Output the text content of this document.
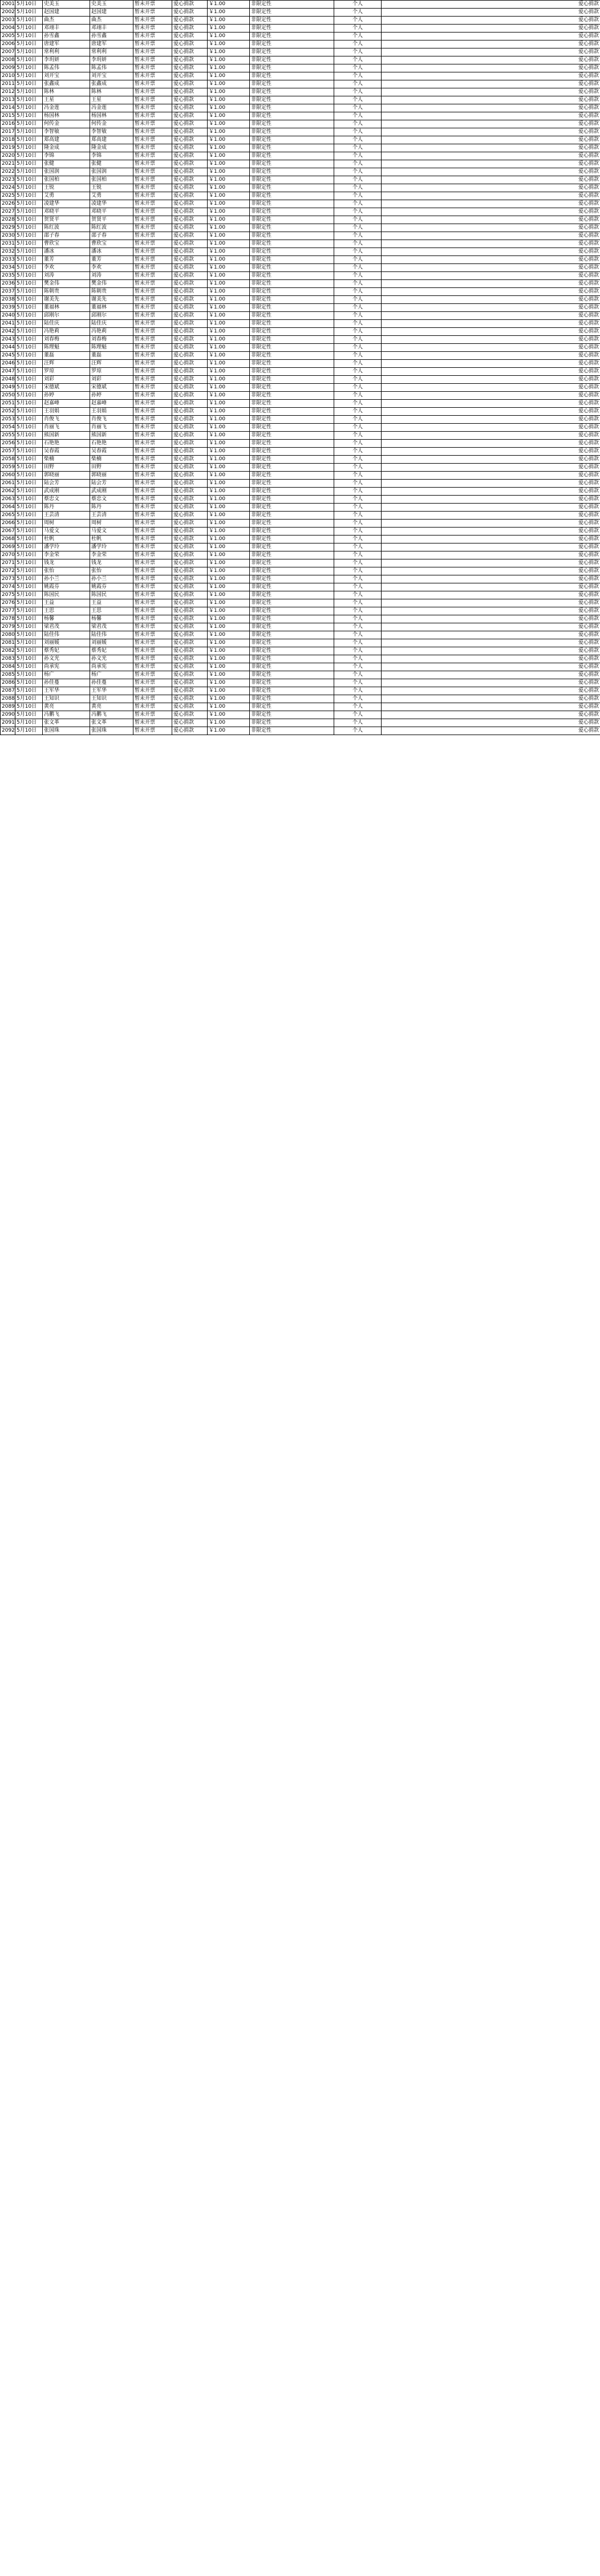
2001	5月10日	史美玉	史美玉	暂未开票	爱心捐款	￥1.00	非限定性	个人	爱心捐款
2002	5月10日	赵国建	赵国建	暂未开票	爱心捐款	￥1.00	非限定性	个人	爱心捐款
2003	5月10日	曲杰	曲杰	暂未开票	爱心捐款	￥1.00	非限定性	个人	爱心捐款
2004	5月10日	邓翊丰	邓翊丰	暂未开票	爱心捐款	￥1.00	非限定性	个人	爱心捐款
2005	5月10日	孙雪鑫	孙雪鑫	暂未开票	爱心捐款	￥1.00	非限定性	个人	爱心捐款
2006	5月10日	唐建军	唐建军	暂未开票	爱心捐款	￥1.00	非限定性	个人	爱心捐款
2007	5月10日	常利利	常利利	暂未开票	爱心捐款	￥1.00	非限定性	个人	爱心捐款
2008	5月10日	李玥妍	李玥妍	暂未开票	爱心捐款	￥1.00	非限定性	个人	爱心捐款
2009	5月10日	陈孟伟	陈孟伟	暂未开票	爱心捐款	￥1.00	非限定性	个人	爱心捐款
2010	5月10日	刘开宝	刘开宝	暂未开票	爱心捐款	￥1.00	非限定性	个人	爱心捐款
2011	5月10日	张鑫成	张鑫成	暂未开票	爱心捐款	￥1.00	非限定性	个人	爱心捐款
2012	5月10日	陈林	陈林	暂未开票	爱心捐款	￥1.00	非限定性	个人	爱心捐款
2013	5月10日	王星	王星	暂未开票	爱心捐款	￥1.00	非限定性	个人	爱心捐款
2014	5月10日	冯金莲	冯金莲	暂未开票	爱心捐款	￥1.00	非限定性	个人	爱心捐款
2015	5月10日	杨国林	杨国林	暂未开票	爱心捐款	￥1.00	非限定性	个人	爱心捐款
2016	5月10日	何传金	何传金	暂未开票	爱心捐款	￥1.00	非限定性	个人	爱心捐款
2017	5月10日	李智敏	李智敏	暂未开票	爱心捐款	￥1.00	非限定性	个人	爱心捐款
2018	5月10日	郑高建	郑高建	暂未开票	爱心捐款	￥1.00	非限定性	个人	爱心捐款
2019	5月10日	隆金成	隆金成	暂未开票	爱心捐款	￥1.00	非限定性	个人	爱心捐款
2020	5月10日	李锦	李锦	暂未开票	爱心捐款	￥1.00	非限定性	个人	爱心捐款
2021	5月10日	张健	张健	暂未开票	爱心捐款	￥1.00	非限定性	个人	爱心捐款
2022	5月10日	张国润	张国润	暂未开票	爱心捐款	￥1.00	非限定性	个人	爱心捐款
2023	5月10日	张国柏	张国柏	暂未开票	爱心捐款	￥1.00	非限定性	个人	爱心捐款
2024	5月10日	王锐	王锐	暂未开票	爱心捐款	￥1.00	非限定性	个人	爱心捐款
2025	5月10日	艾勇	艾勇	暂未开票	爱心捐款	￥1.00	非限定性	个人	爱心捐款
2026	5月10日	凌建华	凌建华	暂未开票	爱心捐款	￥1.00	非限定性	个人	爱心捐款
2027	5月10日	邓晓平	邓晓平	暂未开票	爱心捐款	￥1.00	非限定性	个人	爱心捐款
2028	5月10日	贺贤平	贺贤平	暂未开票	爱心捐款	￥1.00	非限定性	个人	爱心捐款
2029	5月10日	陈红波	陈红波	暂未开票	爱心捐款	￥1.00	非限定性	个人	爱心捐款
2030	5月10日	邵子春	邵子春	暂未开票	爱心捐款	￥1.00	非限定性	个人	爱心捐款
2031	5月10日	曹欣宝	曹欣宝	暂未开票	爱心捐款	￥1.00	非限定性	个人	爱心捐款
2032	5月10日	潘冰	潘冰	暂未开票	爱心捐款	￥1.00	非限定性	个人	爱心捐款
2033	5月10日	董芳	董芳	暂未开票	爱心捐款	￥1.00	非限定性	个人	爱心捐款
2034	5月10日	李欢	李欢	暂未开票	爱心捐款	￥1.00	非限定性	个人	爱心捐款
2035	5月10日	刘涛	刘涛	暂未开票	爱心捐款	￥1.00	非限定性	个人	爱心捐款
2036	5月10日	樊金伟	樊金伟	暂未开票	爱心捐款	￥1.00	非限定性	个人	爱心捐款
2037	5月10日	陈朝贵	陈朝贵	暂未开票	爱心捐款	￥1.00	非限定性	个人	爱心捐款
2038	5月10日	谢美先	谢美先	暂未开票	爱心捐款	￥1.00	非限定性	个人	爱心捐款
2039	5月10日	董福林	董福林	暂未开票	爱心捐款	￥1.00	非限定性	个人	爱心捐款
2040	5月10日	邱刚尔	邱刚尔	暂未开票	爱心捐款	￥1.00	非限定性	个人	爱心捐款
2041	5月10日	陆佳庆	陆佳庆	暂未开票	爱心捐款	￥1.00	非限定性	个人	爱心捐款
2042	5月10日	冯艳莉	冯艳莉	暂未开票	爱心捐款	￥1.00	非限定性	个人	爱心捐款
2043	5月10日	刘春梅	刘春梅	暂未开票	爱心捐款	￥1.00	非限定性	个人	爱心捐款
2044	5月10日	陈理魁	陈理魁	暂未开票	爱心捐款	￥1.00	非限定性	个人	爱心捐款
2045	5月10日	董磊	董磊	暂未开票	爱心捐款	￥1.00	非限定性	个人	爱心捐款
2046	5月10日	汪辉	汪辉	暂未开票	爱心捐款	￥1.00	非限定性	个人	爱心捐款
2047	5月10日	罗琼	罗琼	暂未开票	爱心捐款	￥1.00	非限定性	个人	爱心捐款
2048	5月10日	刘彩	刘彩	暂未开票	爱心捐款	￥1.00	非限定性	个人	爱心捐款
2049	5月10日	宋德斌	宋德斌	暂未开票	爱心捐款	￥1.00	非限定性	个人	爱心捐款
2050	5月10日	孙婷	孙婷	暂未开票	爱心捐款	￥1.00	非限定性	个人	爱心捐款
2051	5月10日	赵嘉峰	赵嘉峰	暂未开票	爱心捐款	￥1.00	非限定性	个人	爱心捐款
2052	5月10日	王羽娟	王羽娟	暂未开票	爱心捐款	￥1.00	非限定性	个人	爱心捐款
2053	5月10日	肖俊飞	肖俊飞	暂未开票	爱心捐款	￥1.00	非限定性	个人	爱心捐款
2054	5月10日	肖丽飞	肖丽飞	暂未开票	爱心捐款	￥1.00	非限定性	个人	爱心捐款
2055	5月10日	熊国新	熊国新	暂未开票	爱心捐款	￥1.00	非限定性	个人	爱心捐款
2056	5月10日	石艳艳	石艳艳	暂未开票	爱心捐款	￥1.00	非限定性	个人	爱心捐款
2057	5月10日	吴春霞	吴春霞	暂未开票	爱心捐款	￥1.00	非限定性	个人	爱心捐款
2058	5月10日	柴楠	柴楠	暂未开票	爱心捐款	￥1.00	非限定性	个人	爱心捐款
2059	5月10日	田野	田野	暂未开票	爱心捐款	￥1.00	非限定性	个人	爱心捐款
2060	5月10日	郭晓丽	郭晓丽	暂未开票	爱心捐款	￥1.00	非限定性	个人	爱心捐款
2061	5月10日	陆会芳	陆会芳	暂未开票	爱心捐款	￥1.00	非限定性	个人	爱心捐款
2062	5月10日	武成刚	武成刚	暂未开票	爱心捐款	￥1.00	非限定性	个人	爱心捐款
2063	5月10日	蔡忠文	蔡忠文	暂未开票	爱心捐款	￥1.00	非限定性	个人	爱心捐款
2064	5月10日	陈丹	陈丹	暂未开票	爱心捐款	￥1.00	非限定性	个人	爱心捐款
2065	5月10日	王芸清	王芸清	暂未开票	爱心捐款	￥1.00	非限定性	个人	爱心捐款
2066	5月10日	周树	周树	暂未开票	爱心捐款	￥1.00	非限定性	个人	爱心捐款
2067	5月10日	马爱文	马爱文	暂未开票	爱心捐款	￥1.00	非限定性	个人	爱心捐款
2068	5月10日	杜帆	杜帆	暂未开票	爱心捐款	￥1.00	非限定性	个人	爱心捐款
2069	5月10日	潘学玲	潘学玲	暂未开票	爱心捐款	￥1.00	非限定性	个人	爱心捐款
2070	5月10日	李金荣	李金荣	暂未开票	爱心捐款	￥1.00	非限定性	个人	爱心捐款
2071	5月10日	钱龙	钱龙	暂未开票	爱心捐款	￥1.00	非限定性	个人	爱心捐款
2072	5月10日	张怡	张怡	暂未开票	爱心捐款	￥1.00	非限定性	个人	爱心捐款
2073	5月10日	孙小兰	孙小兰	暂未开票	爱心捐款	￥1.00	非限定性	个人	爱心捐款
2074	5月10日	姚霞芬	姚霞芬	暂未开票	爱心捐款	￥1.00	非限定性	个人	爱心捐款
2075	5月10日	陈国民	陈国民	暂未开票	爱心捐款	￥1.00	非限定性	个人	爱心捐款
2076	5月10日	王益	王益	暂未开票	爱心捐款	￥1.00	非限定性	个人	爱心捐款
2077	5月10日	王思	王思	暂未开票	爱心捐款	￥1.00	非限定性	个人	爱心捐款
2078	5月10日	杨馨	杨馨	暂未开票	爱心捐款	￥1.00	非限定性	个人	爱心捐款
2079	5月10日	梁君茂	梁君茂	暂未开票	爱心捐款	￥1.00	非限定性	个人	爱心捐款
2080	5月10日	陆佳伟	陆佳伟	暂未开票	爱心捐款	￥1.00	非限定性	个人	爱心捐款
2081	5月10日	刘丽媛	刘丽媛	暂未开票	爱心捐款	￥1.00	非限定性	个人	爱心捐款
2082	5月10日	蔡秀妃	蔡秀妃	暂未开票	爱心捐款	￥1.00	非限定性	个人	爱心捐款
2083	5月10日	孙文光	孙文光	暂未开票	爱心捐款	￥1.00	非限定性	个人	爱心捐款
2084	5月10日	尚承宪	尚承宪	暂未开票	爱心捐款	￥1.00	非限定性	个人	爱心捐款
2085	5月10日	杨广	杨广	暂未开票	爱心捐款	￥1.00	非限定性	个人	爱心捐款
2086	5月10日	孙佳蔓	孙佳蔓	暂未开票	爱心捐款	￥1.00	非限定性	个人	爱心捐款
2087	5月10日	王军华	王军华	暂未开票	爱心捐款	￥1.00	非限定性	个人	爱心捐款
2088	5月10日	王知识	王知识	暂未开票	爱心捐款	￥1.00	非限定性	个人	爱心捐款
2089	5月10日	黄亮	黄亮	暂未开票	爱心捐款	￥1.00	非限定性	个人	爱心捐款
2090	5月10日	冯鹏飞	冯鹏飞	暂未开票	爱心捐款	￥1.00	非限定性	个人	爱心捐款
2091	5月10日	张文革	张文革	暂未开票	爱心捐款	￥1.00	非限定性	个人	爱心捐款
2092	5月10日	张国珠	张国珠	暂未开票	爱心捐款	￥1.00	非限定性	个人	爱心捐款
